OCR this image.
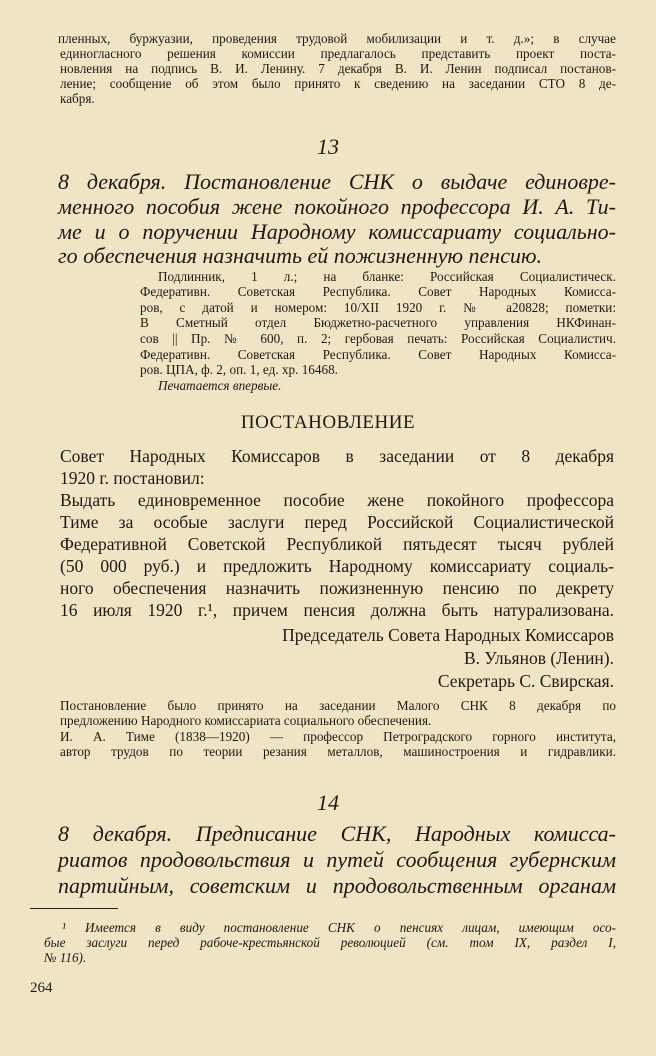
пленных, буржуазии, проведения трудовой мобилизации и т. д.»; в случае
единогласного решения комиссии предлагалось представить проект поста-
новления на подпись В. И. Ленину. 7 декабря В. И. Ленин подписал постанов-
ление; сообщение об этом было принято к сведению на заседании СТО 8 де-
кабря.
13
8 декабря. Постановление СНК о выдаче единовре-
менного пособия жене покойного профессора И. А. Ти-
ме и о поручении Народному комиссариату социально-
го обеспечения назначить ей пожизненную пенсию.
Подлинник, 1 л.; на бланке: Российская Социалистическ.
Федеративн. Советская Республика. Совет Народных Комисса-
ров, с датой и номером: 10/XII 1920 г. № а20828; пометки:
В Сметный отдел Бюджетно-расчетного управления НКФинан-
сов || Пр. № 600, п. 2; гербовая печать: Российская Социалистич.
Федеративн. Советская Республика. Совет Народных Комисса-
ров. ЦПА, ф. 2, оп. 1, ед. хр. 16468.
Печатается впервые.
ПОСТАНОВЛЕНИЕ
Совет Народных Комиссаров в заседании от 8 декабря
1920 г. постановил:
Выдать единовременное пособие жене покойного профессора
Тиме за особые заслуги перед Российской Социалистической
Федеративной Советской Республикой пятьдесят тысяч рублей
(50 000 руб.) и предложить Народному комиссариату социаль-
ного обеспечения назначить пожизненную пенсию по декрету
16 июля 1920 г.¹, причем пенсия должна быть натурализована.
Председатель Совета Народных Комиссаров
В. Ульянов (Ленин).
Секретарь С. Свирская.
Постановление было принято на заседании Малого СНК 8 декабря по
предложению Народного комиссариата социального обеспечения.
И. А. Тиме (1838—1920) — профессор Петроградского горного института,
автор трудов по теории резания металлов, машиностроения и гидравлики.
14
8 декабря. Предписание СНК, Народных комисса-
риатов продовольствия и путей сообщения губернским
партийным, советским и продовольственным органам
¹ Имеется в виду постановление СНК о пенсиях лицам, имеющим осо-
бые заслуги перед рабоче-крестьянской революцией (см. том IX, раздел I,
№ 116).
264
